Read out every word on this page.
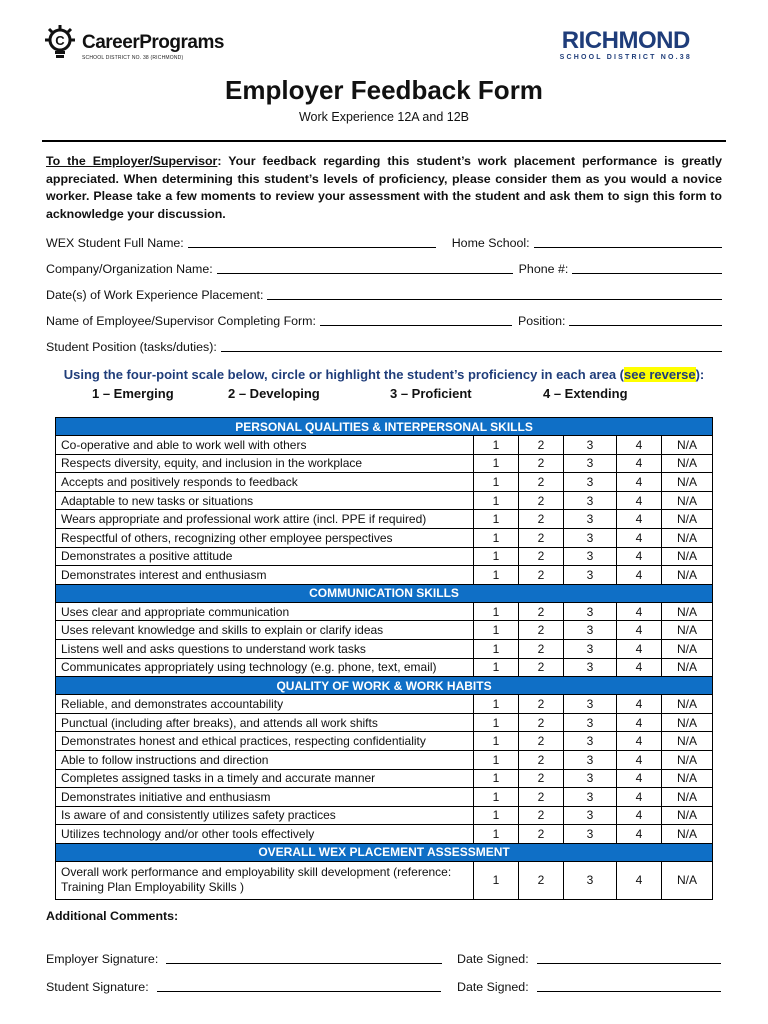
C CareerPrograms
SCHOOL DISTRICT NO. 38 (RICHMOND)
RICHMOND
SCHOOL DISTRICT NO.38
Employer Feedback Form
Work Experience 12A and 12B
To the Employer/Supervisor: Your feedback regarding this student’s work placement performance is greatly appreciated. When determining this student’s levels of proficiency, please consider them as you would a novice worker. Please take a few moments to review your assessment with the student and ask them to sign this form to acknowledge your discussion.
WEX Student Full Name:	Home School:
Company/Organization Name:	Phone #:
Date(s) of Work Experience Placement:
Name of Employee/Supervisor Completing Form:	Position:
Student Position (tasks/duties):
Using the four-point scale below, circle or highlight the student’s proficiency in each area (see reverse):
1 – Emerging	2 – Developing	3 – Proficient	4 – Extending
PERSONAL QUALITIES & INTERPERSONAL SKILLS					
Co-operative and able to work well with others	1	2	3	4	N/A
Respects diversity, equity, and inclusion in the workplace	1	2	3	4	N/A
Accepts and positively responds to feedback	1	2	3	4	N/A
Adaptable to new tasks or situations	1	2	3	4	N/A
Wears appropriate and professional work attire (incl. PPE if required)	1	2	3	4	N/A
Respectful of others, recognizing other employee perspectives	1	2	3	4	N/A
Demonstrates a positive attitude	1	2	3	4	N/A
Demonstrates interest and enthusiasm	1	2	3	4	N/A
COMMUNICATION SKILLS					
Uses clear and appropriate communication	1	2	3	4	N/A
Uses relevant knowledge and skills to explain or clarify ideas	1	2	3	4	N/A
Listens well and asks questions to understand work tasks	1	2	3	4	N/A
Communicates appropriately using technology (e.g. phone, text, email)	1	2	3	4	N/A
QUALITY OF WORK & WORK HABITS					
Reliable, and demonstrates accountability	1	2	3	4	N/A
Punctual (including after breaks), and attends all work shifts	1	2	3	4	N/A
Demonstrates honest and ethical practices, respecting confidentiality	1	2	3	4	N/A
Able to follow instructions and direction	1	2	3	4	N/A
Completes assigned tasks in a timely and accurate manner	1	2	3	4	N/A
Demonstrates initiative and enthusiasm	1	2	3	4	N/A
Is aware of and consistently utilizes safety practices	1	2	3	4	N/A
Utilizes technology and/or other tools effectively	1	2	3	4	N/A
OVERALL WEX PLACEMENT ASSESSMENT					
Overall work performance and employability skill development (reference: Training Plan Employability Skills )	1	2	3	4	N/A
Additional Comments:
Employer Signature:	Date Signed:
Student Signature:	Date Signed:
